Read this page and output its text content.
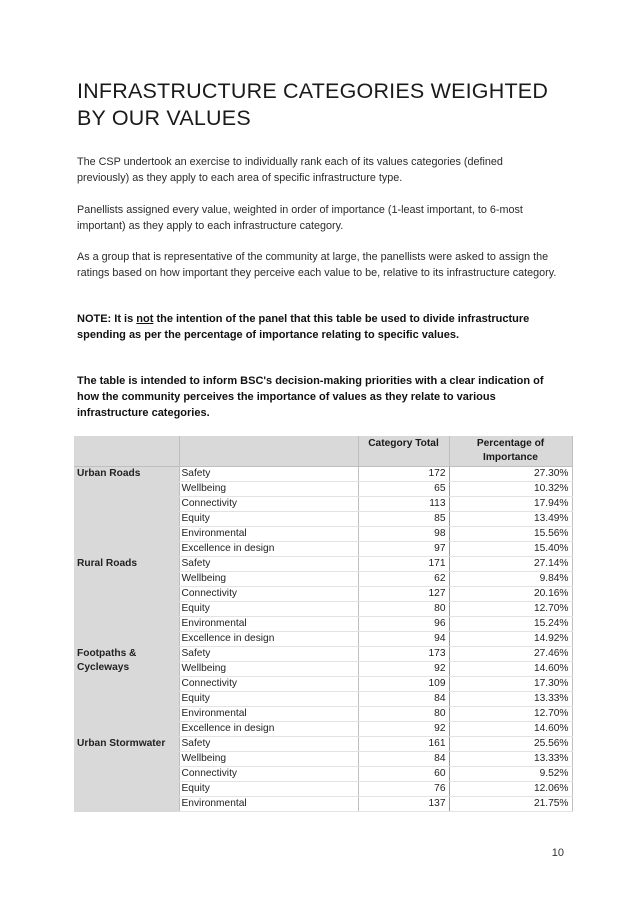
INFRASTRUCTURE CATEGORIES WEIGHTED BY OUR VALUES

The CSP undertook an exercise to individually rank each of its values categories (defined previously) as they apply to each area of specific infrastructure type.

Panellists assigned every value, weighted in order of importance (1-least important, to 6-most important) as they apply to each infrastructure category.

As a group that is representative of the community at large, the panellists were asked to assign the ratings based on how important they perceive each value to be, relative to its infrastructure category.

NOTE: It is not the intention of the panel that this table be used to divide infrastructure spending as per the percentage of importance relating to specific values.

The table is intended to inform BSC's decision-making priorities with a clear indication of how the community perceives the importance of values as they relate to various infrastructure categories.

		Category Total	Percentage of Importance
Urban Roads	Safety	172	27.30%
	Wellbeing	65	10.32%
	Connectivity	113	17.94%
	Equity	85	13.49%
	Environmental	98	15.56%
	Excellence in design	97	15.40%
Rural Roads	Safety	171	27.14%
	Wellbeing	62	9.84%
	Connectivity	127	20.16%
	Equity	80	12.70%
	Environmental	96	15.24%
	Excellence in design	94	14.92%
Footpaths & Cycleways	Safety	173	27.46%
	Wellbeing	92	14.60%
	Connectivity	109	17.30%
	Equity	84	13.33%
	Environmental	80	12.70%
	Excellence in design	92	14.60%
Urban Stormwater	Safety	161	25.56%
	Wellbeing	84	13.33%
	Connectivity	60	9.52%
	Equity	76	12.06%
	Environmental	137	21.75%
10
